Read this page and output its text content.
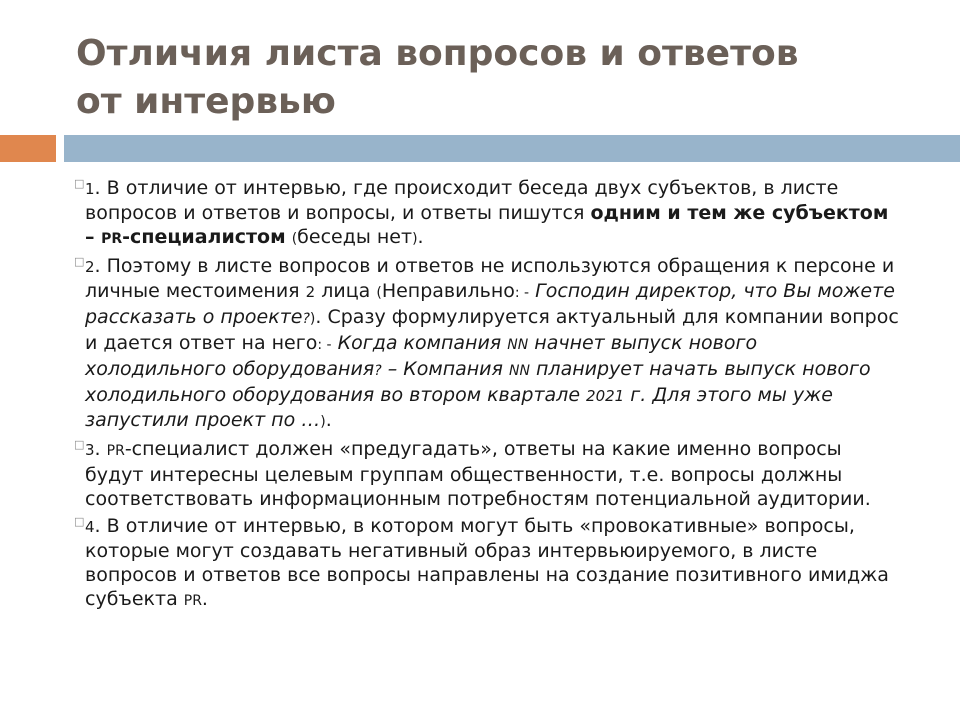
Отличия листа вопросов и ответов
от интервью
□ 1. В отличие от интервью, где происходит беседа двух субъектов, в листе вопросов и ответов и вопросы, и ответы пишутся одним и тем же субъектом – PR-специалистом (беседы нет).
□ 2. Поэтому в листе вопросов и ответов не используются обращения к персоне и личные местоимения 2 лица (Неправильно: - Господин директор, что Вы можете рассказать о проекте?). Сразу формулируется актуальный для компании вопрос и дается ответ на него: - Когда компания NN начнет выпуск нового холодильного оборудования? – Компания NN планирует начать выпуск нового холодильного оборудования во втором квартале 2021 г. Для этого мы уже запустили проект по …).
□ 3. PR-специалист должен «предугадать», ответы на какие именно вопросы будут интересны целевым группам общественности, т.е. вопросы должны соответствовать информационным потребностям потенциальной аудитории.
□ 4. В отличие от интервью, в котором могут быть «провокативные» вопросы, которые могут создавать негативный образ интервьюируемого, в листе вопросов и ответов все вопросы направлены на создание позитивного имиджа субъекта PR.
